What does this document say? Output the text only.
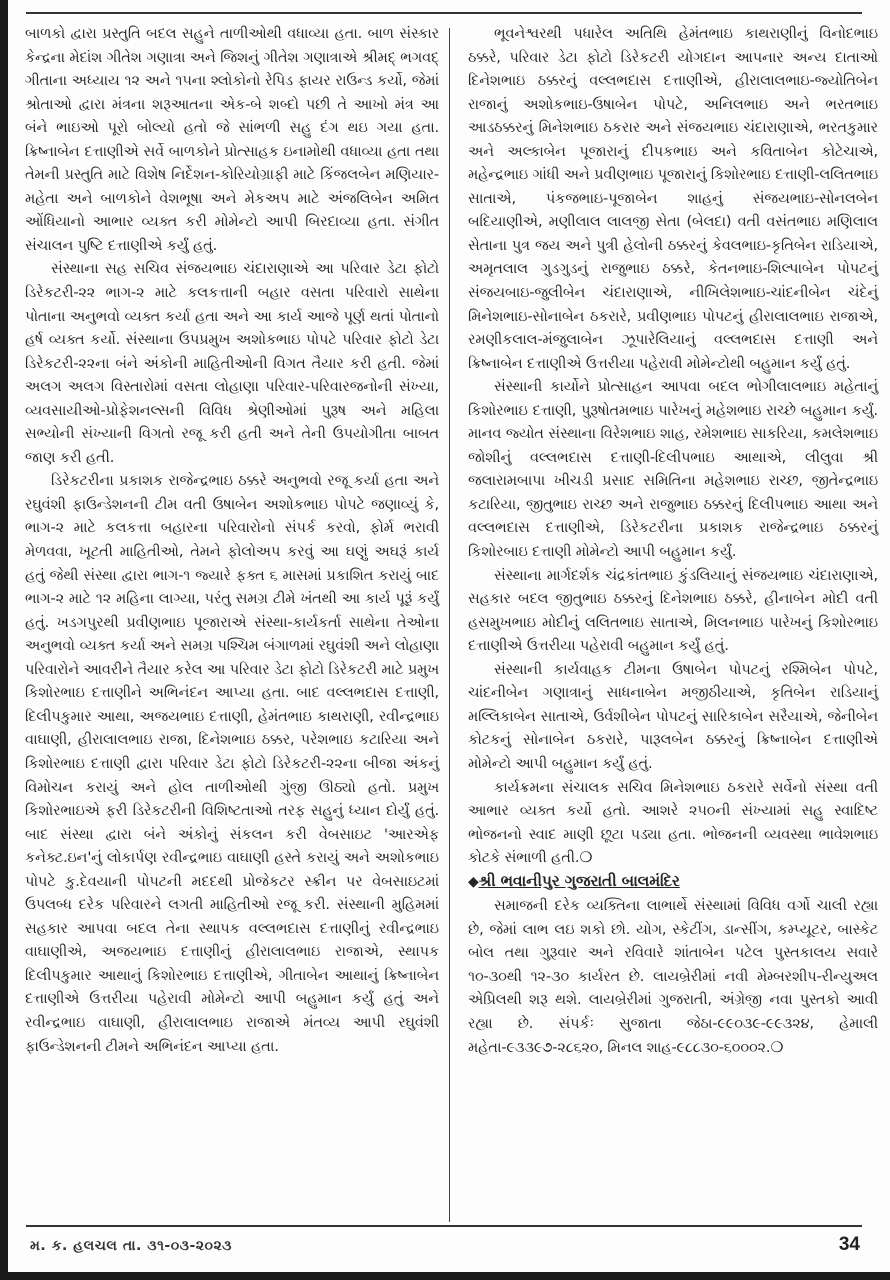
બાળકો દ્વારા પ્રસ્તુતિ બદલ સહુને તાળીઓથી વધાવ્યા હતા. બાળ સંસ્કાર કેન્દ્રના મેદાંશ ગીતેશ ગણાત્રા અને જિશનું ગીતેશ ગણાત્રાએ શ્રીમદ્ ભગવદ્ ગીતાના અધ્યાય ૧૨ અને ૧૫ના શ્લોકોનો રેપિડ ફાયર રાઉન્ડ કર્યો, જેમાં શ્રોતાઓ દ્વારા મંત્રના શરૂઆતના એક-બે શબ્દો પછી તે આખો મંત્ર આ બંને ભાઇઓ પૂરો બોલ્યો હતો જે સાંભળી સહુ દંગ થઇ ગયા હતા. ક્રિષ્નાબેન દત્તાણીએ સર્વે બાળકોને પ્રોત્સાહક ઇનામોથી વધાવ્યા હતા તથા તેમની પ્રસ્તુતિ માટે વિશેષ નિર્દેશન-કોરિયોગ્રાફી માટે કિંજલબેન મણિયાર-મહેતા અને બાળકોને વેશભૂષા અને મેકઅપ માટે અંજલિબેન અમિત ઓંધિયાનો આભાર વ્યક્ત કરી મોમેન્ટો આપી બિરદાવ્યા હતા. સંગીત સંચાલન પુષ્ટિ દત્તાણીએ કર્યું હતું.

સંસ્થાના સહ સચિવ સંજયભાઇ ચંદારાણાએ આ પરિવાર ડેટા ફોટો ડિરેકટરી-૨૨ ભાગ-૨ માટે કલકત્તાની બહાર વસતા પરિવારો સાથેના પોતાના અનુભવો વ્યક્ત કર્યા હતા અને આ કાર્ય આજે પૂર્ણ થતાં પોતાનો હર્ષ વ્યક્ત કર્યો. સંસ્થાના ઉપપ્રમુખ અશોકભાઇ પોપટે પરિવાર ફોટો ડેટા ડિરેકટરી-૨૨ના બંને અંકોની માહિતીઓની વિગત તૈયાર કરી હતી. જેમાં અલગ અલગ વિસ્તારોમાં વસતા લોહાણા પરિવાર-પરિવારજનોની સંખ્યા, વ્યવસાયીઓ-પ્રોફેશનલ્સની વિવિધ શ્રેણીઓમાં પુરૂષ અને મહિલા સભ્યોની સંખ્યાની વિગતો રજૂ કરી હતી અને તેની ઉપયોગીતા બાબત જાણ કરી હતી.

ડિરેકટરીના પ્રકાશક રાજેન્દ્રભાઇ ઠક્કરે અનુભવો રજૂ કર્યા હતા અને રઘુવંશી ફાઉન્ડેશનની ટીમ વતી ઉષાબેન અશોકભાઇ પોપટે જણાવ્યું કે, ભાગ-૨ માટે કલકત્તા બહારના પરિવારોનો સંપર્ક કરવો, ફોર્મ ભરાવી મેળવવા, ખૂટતી માહિતીઓ, તેમને ફોલોઅપ કરવું આ ઘણું અઘરૂં કાર્ય હતું જેથી સંસ્થા દ્વારા ભાગ-૧ જ્યારે ફક્ત ૬ માસમાં પ્રકાશિત કરાયું બાદ ભાગ-૨ માટે ૧૨ મહિના લાગ્યા, પરંતુ સમગ્ર ટીમે ખંતથી આ કાર્ય પૂરૂં કર્યું હતું. ખડગપુરથી પ્રવીણભાઇ પૂજારાએ સંસ્થા-કાર્યકર્તા સાથેના તેઓના અનુભવો વ્યક્ત કર્યા અને સમગ્ર પશ્ચિમ બંગાળમાં રઘુવંશી અને લોહાણા પરિવારોને આવરીને તૈયાર કરેલ આ પરિવાર ડેટા ફોટો ડિરેકટરી માટે પ્રમુખ કિશોરભાઇ દત્તાણીને અભિનંદન આપ્યા હતા. બાદ વલ્લભદાસ દત્તાણી, દિલીપકુમાર આથા, અજયભાઇ દત્તાણી, હેમંતભાઇ કાથરાણી, રવીન્દ્રભાઇ વાઘાણી, હીરાલાલભાઇ રાજા, દિનેશભાઇ ઠક્કર, પરેશભાઇ કટારિયા અને કિશોરભાઇ દત્તાણી દ્વારા પરિવાર ડેટા ફોટો ડિરેકટરી-૨૨ના બીજા અંકનું વિમોચન કરાયું અને હોલ તાળીઓથી ગુંજી ઊઠ્યો હતો. પ્રમુખ કિશોરભાઇએ ફરી ડિરેકટરીની વિશિષ્ટતાઓ તરફ સહુનું ધ્યાન દોર્યું હતું. બાદ સંસ્થા દ્વારા બંને અંકોનું સંકલન કરી વેબસાઇટ 'આરએફ કનેક્ટ.ઇન'નું લોકાર્પણ રવીન્દ્રભાઇ વાઘાણી હસ્તે કરાયું અને અશોકભાઇ પોપટે કુ.દેવયાની પોપટની મદદથી પ્રોજેકટર સ્ક્રીન પર વેબસાઇટમાં ઉપલબ્ધ દરેક પરિવારને લગતી માહિતીઓ રજૂ કરી. સંસ્થાની મુહિમમાં સહકાર આપવા બદલ તેના સ્થાપક વલ્લભદાસ દત્તાણીનું રવીન્દ્રભાઇ વાઘાણીએ, અજયભાઇ દત્તાણીનું હીરાલાલભાઇ રાજાએ, સ્થાપક દિલીપકુમાર આથાનું કિશોરભાઇ દત્તાણીએ, ગીતાબેન આથાનું ક્રિષ્નાબેન દત્તાણીએ ઉત્તરીયા પહેરાવી મોમેન્ટો આપી બહુમાન કર્યું હતું અને રવીન્દ્રભાઇ વાઘાણી, હીરાલાલભાઇ રાજાએ મંતવ્ય આપી રઘુવંશી ફાઉન્ડેશનની ટીમને અભિનંદન આપ્યા હતા.

ભૂવનેશ્વરથી પધારેલ અતિથિ હેમંતભાઇ કાથરાણીનું વિનોદભાઇ ઠક્કરે, પરિવાર ડેટા ફોટો ડિરેકટરી યોગદાન આપનાર અન્ય દાતાઓ દિનેશભાઇ ઠક્કરનું વલ્લભદાસ દત્તાણીએ, હીરાલાલભાઇ-જ્યોતિબેન રાજાનું અશોકભાઇ-ઉષાબેન પોપટે, અનિલભાઇ અને ભરતભાઇ આડઠક્કરનું મિનેશભાઇ ઠકરાર અને સંજયભાઇ ચંદારાણાએ, ભરતકુમાર અને અલ્કાબેન પૂજારાનું દીપકભાઇ અને કવિતાબેન કોટેચાએ, મહેન્દ્રભાઇ ગાંધી અને પ્રવીણભાઇ પૂજારાનું કિશોરભાઇ દત્તાણી-લલિતભાઇ સાતાએ, પંકજભાઇ-પૂજાબેન શાહનું સંજયભાઇ-સોનલબેન બદિયાણીએ, મણીલાલ લાલજી સેતા (બેલદા) વતી વસંતભાઇ મણિલાલ સેતાના પુત્ર જય અને પુત્રી હેલોની ઠક્કરનું કેવલભાઇ-કૃતિબેન રાડિયાએ, અમૃતલાલ ગુડગુડનું રાજુભાઇ ઠક્કરે, કેતનભાઇ-શિલ્પાબેન પોપટનું સંજયબાઇ-જુલીબેન ચંદારાણાએ, નીખિલેશભાઇ-ચાંદનીબેન ચંદેનું મિનેશભાઇ-સોનાબેન ઠકરારે, પ્રવીણભાઇ પોપટનું હીરાલાલભાઇ રાજાએ, રમણીકલાલ-મંજુલાબેન ઝૂપારેલિયાનું વલ્લભદાસ દત્તાણી અને ક્રિષ્નાબેન દત્તાણીએ ઉત્તરીયા પહેરાવી મોમેન્ટોથી બહુમાન કર્યું હતું.

સંસ્થાની કાર્યોને પ્રોત્સાહન આપવા બદલ ભોગીલાલભાઇ મહેતાનું કિશોરભાઇ દત્તાણી, પુરૂષોતમભાઇ પારેખનું મહેશભાઇ રાચ્છે બહુમાન કર્યું. માનવ જ્યોત સંસ્થાના વિરેશભાઇ શાહ, રમેશભાઇ સાકરિયા, કમલેશભાઇ જોશીનું વલ્લભદાસ દત્તાણી-દિલીપભાઇ આથાએ, લીલુવા શ્રી જલારામબાપા ખીચડી પ્રસાદ સમિતિના મહેશભાઇ રાચ્છ, જીતેન્દ્રભાઇ કટારિયા, જીતુભાઇ રાચ્છ અને રાજુભાઇ ઠક્કરનું દિલીપભાઇ આથા અને વલ્લભદાસ દત્તાણીએ, ડિરેકટરીના પ્રકાશક રાજેન્દ્રભાઇ ઠક્કરનું કિશોરબાઇ દત્તાણી મોમેન્ટો આપી બહુમાન કર્યું.

સંસ્થાના માર્ગદર્શક ચંદ્રકાંતભાઇ કુંડલિયાનું સંજયભાઇ ચંદારાણાએ, સહકાર બદલ જીતુભાઇ ઠક્કરનું દિનેશભાઇ ઠક્કરે, હીનાબેન મોદી વતી હસમુખભાઇ મોદીનું લલિતભાઇ સાતાએ, મિલનભાઇ પારેખનું કિશોરભાઇ દત્તાણીએ ઉત્તરીયા પહેરાવી બહુમાન કર્યું હતું.

સંસ્થાની કાર્યવાહક ટીમના ઉષાબેન પોપટનું રશ્મિબેન પોપટે, ચાંદનીબેન ગણાત્રાનું સાધનાબેન મજીઠીયાએ, કૃતિબેન રાડિયાનું મલ્લિકાબેન સાતાએ, ઉર્વશીબેન પોપટનું સારિકાબેન સરૈયાએ, જેનીબેન કોટકનું સોનાબેન ઠકરારે, પારૂલબેન ઠક્કરનું ક્રિષ્નાબેન દત્તાણીએ મોમેન્ટો આપી બહુમાન કર્યું હતું.

કાર્યક્રમના સંચાલક સચિવ મિનેશભાઇ ઠકરારે સર્વેનો સંસ્થા વતી આભાર વ્યક્ત કર્યો હતો. આશરે ૨૫૦ની સંખ્યામાં સહુ સ્વાદિષ્ટ ભોજનનો સ્વાદ માણી છૂટા પડ્યા હતા. ભોજનની વ્યવસ્થા ભાવેશભાઇ કોટકે સંભાળી હતી.❍

◆શ્રી ભવાનીપુર ગુજરાતી બાલમંદિર

સમાજની દરેક વ્યક્તિના લાભાર્થે સંસ્થામાં વિવિધ વર્ગો ચાલી રહ્યા છે, જેમાં લાભ લઇ શકો છો. યોગ, સ્કેટીંગ, ડાન્સીંગ, કમ્પ્યૂટર, બાસ્કેટ બોલ તથા ગુરૂવાર અને રવિવારે શાંતાબેન પટેલ પુસ્તકાલય સવારે ૧૦-૩૦થી ૧૨-૩૦ કાર્યરત છે. લાયબ્રેરીમાં નવી મેમ્બરશીપ-રીન્યુઅલ એપ્રિલથી શરૂ થશે. લાયબ્રેરીમાં ગુજરાતી, અંગ્રેજી નવા પુસ્તકો આવી રહ્યા છે. સંપર્કઃ સુજાતા જેઠા-૯૯૦૩૯-૯૯૩૨૪, હેમાલી મહેતા-૯૩૩૯૭-૨૮૬૨૦, મિનલ શાહ-૯૮૮૩૦-૬૦૦૦૨.❍

મ. ક. હલચલ તા. ૩૧-૦૩-૨૦૨૩	34
